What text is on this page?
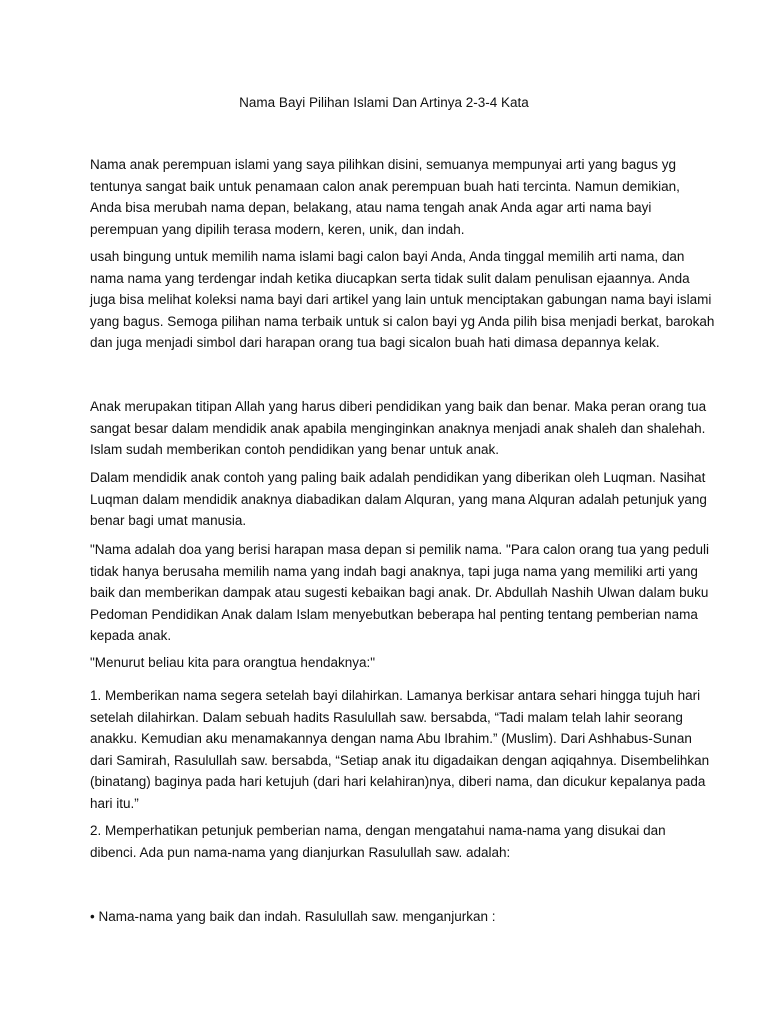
Nama Bayi Pilihan Islami Dan Artinya 2-3-4 Kata
Nama anak perempuan islami yang saya pilihkan disini, semuanya mempunyai arti yang bagus yg
tentunya sangat baik untuk penamaan calon anak perempuan buah hati tercinta. Namun demikian,
Anda bisa merubah nama depan, belakang, atau nama tengah anak Anda agar arti nama bayi
perempuan yang dipilih terasa modern, keren, unik, dan indah.
usah bingung untuk memilih nama islami bagi calon bayi Anda, Anda tinggal memilih arti nama, dan
nama nama yang terdengar indah ketika diucapkan serta tidak sulit dalam penulisan ejaannya. Anda
juga bisa melihat koleksi nama bayi dari artikel yang lain untuk menciptakan gabungan nama bayi islami
yang bagus. Semoga pilihan nama terbaik untuk si calon bayi yg Anda pilih bisa menjadi berkat, barokah
dan juga menjadi simbol dari harapan orang tua bagi sicalon buah hati dimasa depannya kelak.
Anak merupakan titipan Allah yang harus diberi pendidikan yang baik dan benar. Maka peran orang tua
sangat besar dalam mendidik anak apabila menginginkan anaknya menjadi anak shaleh dan shalehah.
Islam sudah memberikan contoh pendidikan yang benar untuk anak.
Dalam mendidik anak contoh yang paling baik adalah pendidikan yang diberikan oleh Luqman. Nasihat
Luqman dalam mendidik anaknya diabadikan dalam Alquran, yang mana Alquran adalah petunjuk yang
benar bagi umat manusia.
"Nama adalah doa yang berisi harapan masa depan si pemilik nama. "Para calon orang tua yang peduli
tidak hanya berusaha memilih nama yang indah bagi anaknya, tapi juga nama yang memiliki arti yang
baik dan memberikan dampak atau sugesti kebaikan bagi anak. Dr. Abdullah Nashih Ulwan dalam buku
Pedoman Pendidikan Anak dalam Islam menyebutkan beberapa hal penting tentang pemberian nama
kepada anak.
"Menurut beliau kita para orangtua hendaknya:"
1. Memberikan nama segera setelah bayi dilahirkan. Lamanya berkisar antara sehari hingga tujuh hari
setelah dilahirkan. Dalam sebuah hadits Rasulullah saw. bersabda, “Tadi malam telah lahir seorang
anakku. Kemudian aku menamakannya dengan nama Abu Ibrahim.” (Muslim). Dari Ashhabus-Sunan
dari Samirah, Rasulullah saw. bersabda, “Setiap anak itu digadaikan dengan aqiqahnya. Disembelihkan
(binatang) baginya pada hari ketujuh (dari hari kelahiran)nya, diberi nama, dan dicukur kepalanya pada
hari itu.”
2. Memperhatikan petunjuk pemberian nama, dengan mengatahui nama-nama yang disukai dan
dibenci. Ada pun nama-nama yang dianjurkan Rasulullah saw. adalah:
• Nama-nama yang baik dan indah. Rasulullah saw. menganjurkan :
